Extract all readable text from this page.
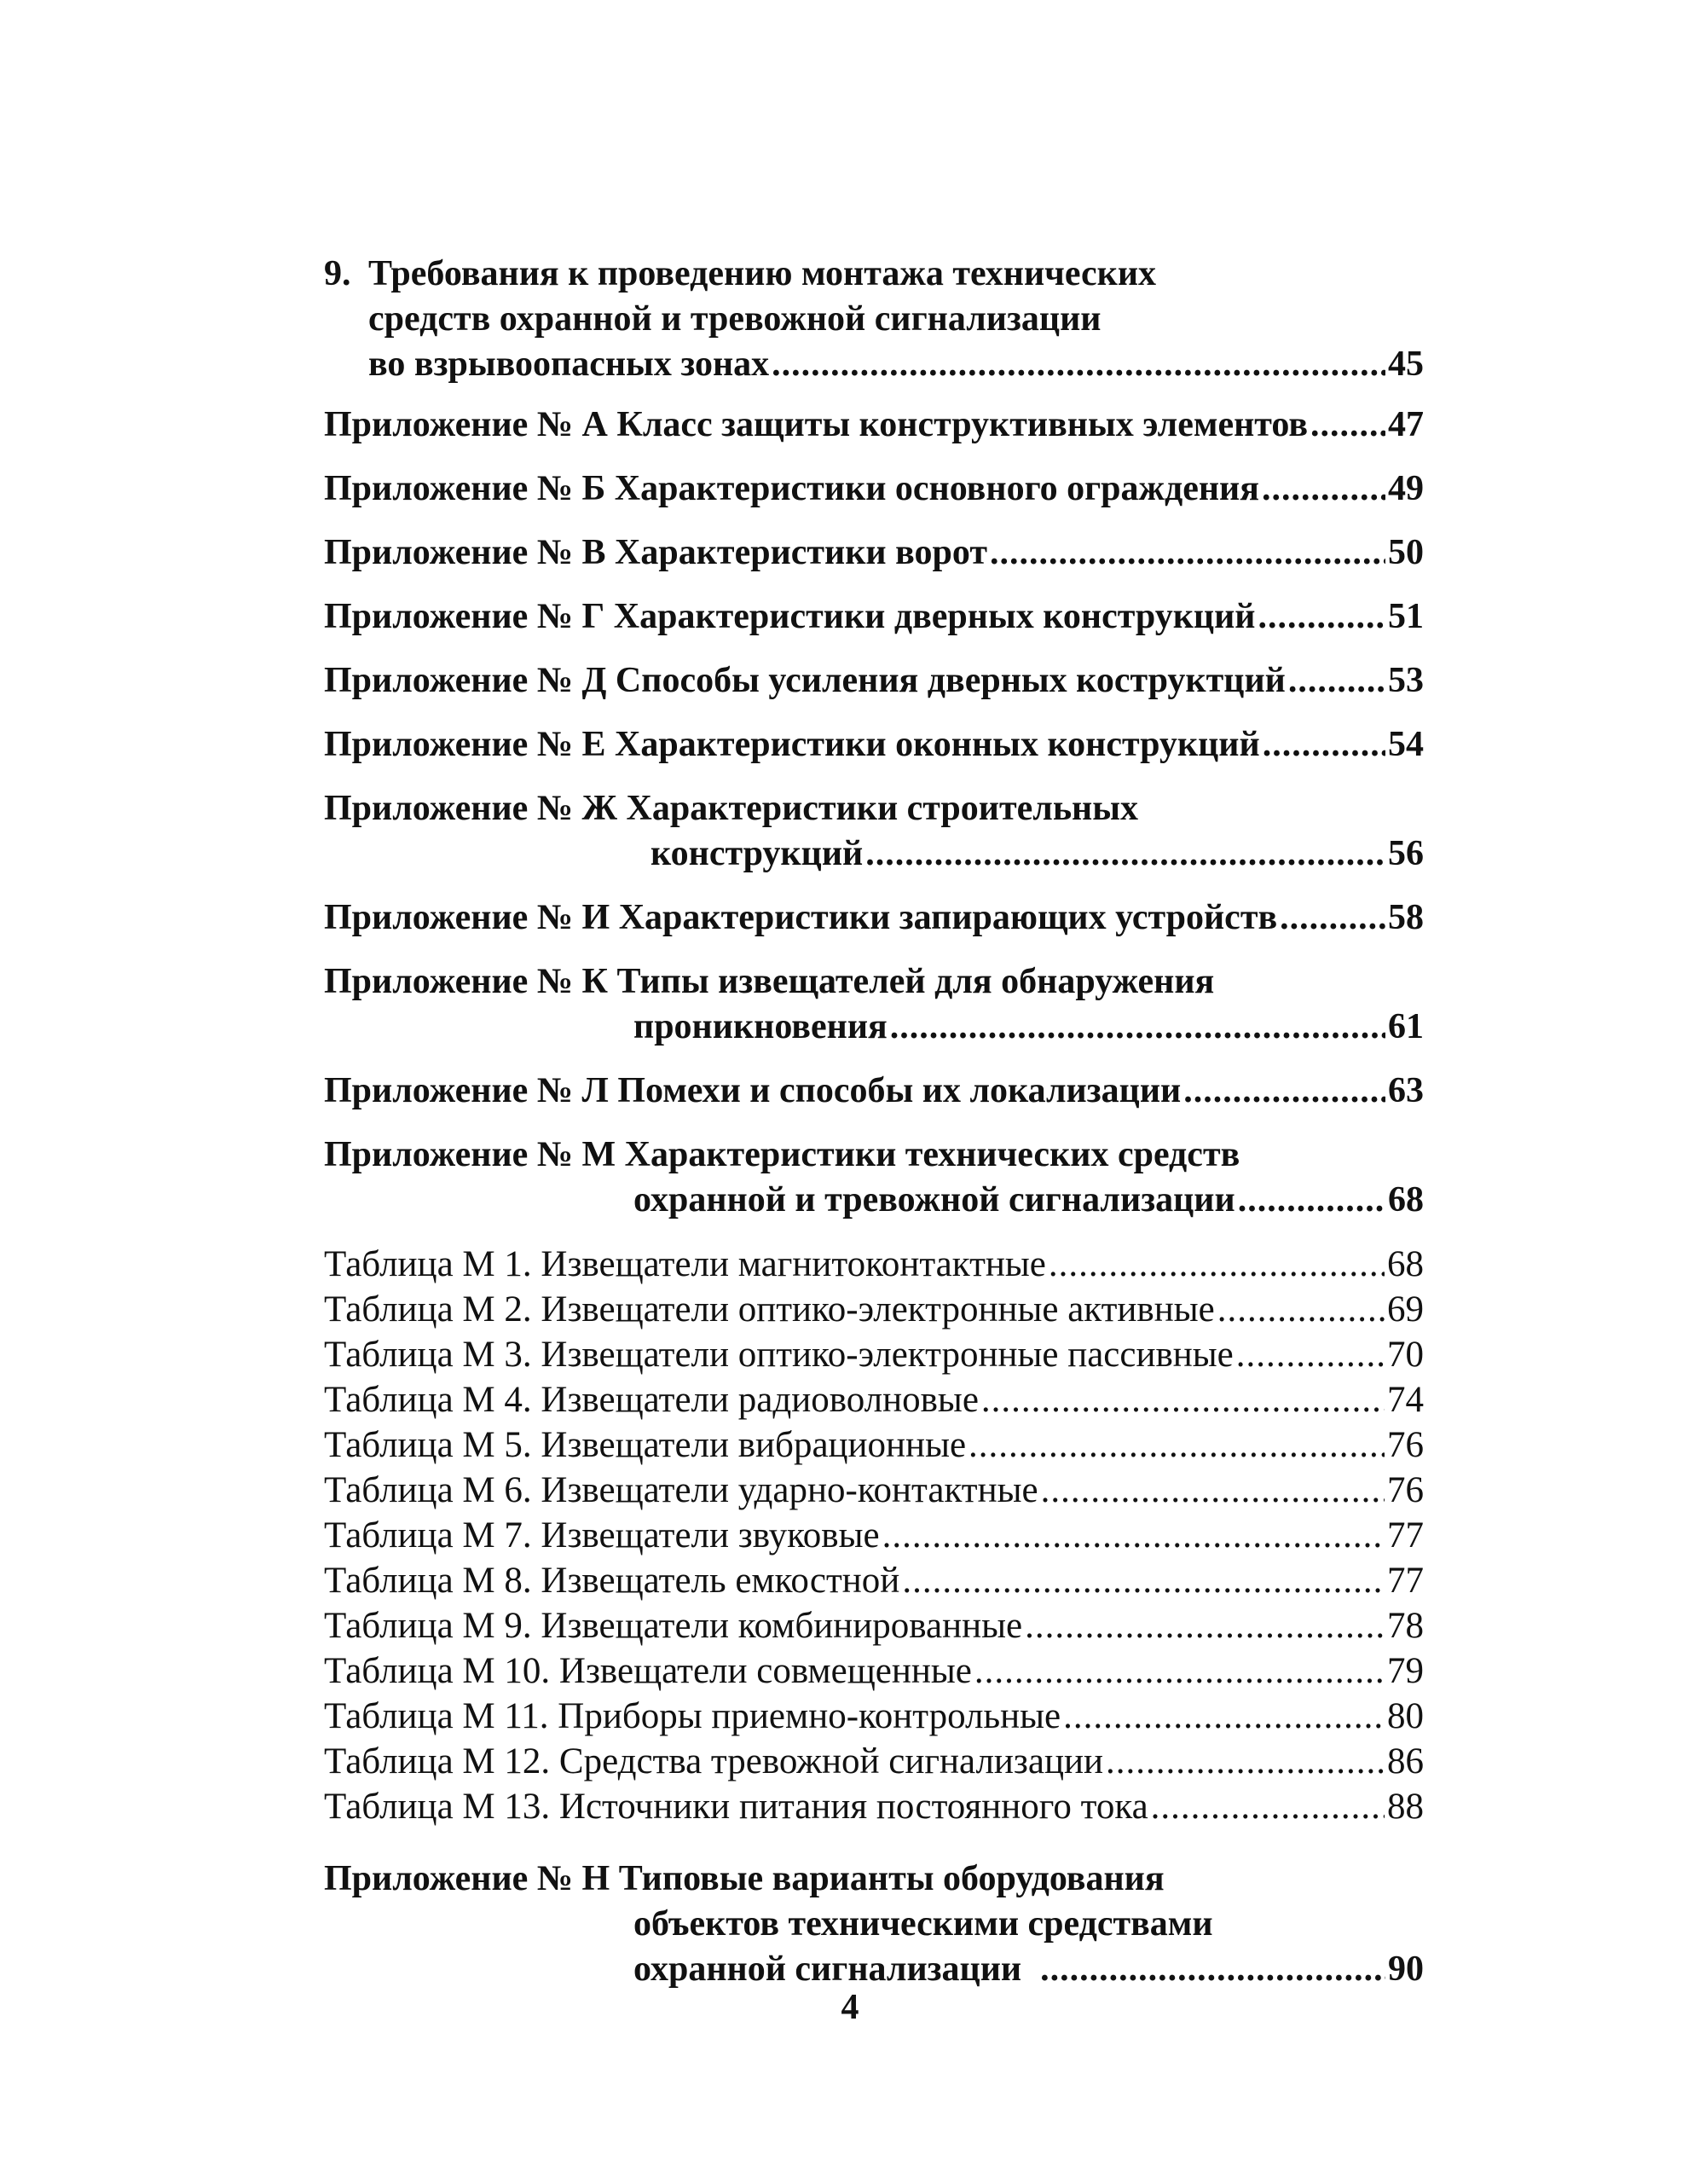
9. Требования к проведению монтажа технических
средств охранной и тревожной сигнализации
во взрывоопасных зонах .....	45
Приложение № А Класс защиты конструктивных элементов ..... 47
Приложение № Б Характеристики основного ограждения .....	49
Приложение № В Характеристики ворот .....	50
Приложение № Г Характеристики дверных конструкций .....	51
Приложение № Д Способы усиления дверных коструктций .....	53
Приложение № Е Характеристики оконных конструкций .....	54
Приложение № Ж Характеристики строительных
конструкций .....	56
Приложение № И Характеристики запирающих устройств .....	58
Приложение № К Типы извещателей для обнаружения
проникновения .....	61
Приложение № Л Помехи и способы их локализации .....	63
Приложение № М Характеристики технических средств
охранной и тревожной сигнализации .....	68
Таблица М 1. Извещатели магнитоконтактные .....	68
Таблица М 2. Извещатели оптико-электронные активные .....	69
Таблица М 3. Извещатели оптико-электронные пассивные .....	70
Таблица М 4. Извещатели радиоволновые .....	74
Таблица М 5. Извещатели вибрационные .....	76
Таблица М 6. Извещатели ударно-контактные .....	76
Таблица М 7. Извещатели звуковые .....	77
Таблица М 8. Извещатель емкостной .....	77
Таблица М 9. Извещатели комбинированные .....	78
Таблица М 10. Извещатели совмещенные .....	79
Таблица М 11. Приборы приемно-контрольные .....	80
Таблица М 12. Средства тревожной сигнализации .....	86
Таблица М 13. Источники питания постоянного тока .....	88
Приложение № Н Типовые варианты оборудования
объектов техническими средствами
охранной сигнализации .....	90
4
